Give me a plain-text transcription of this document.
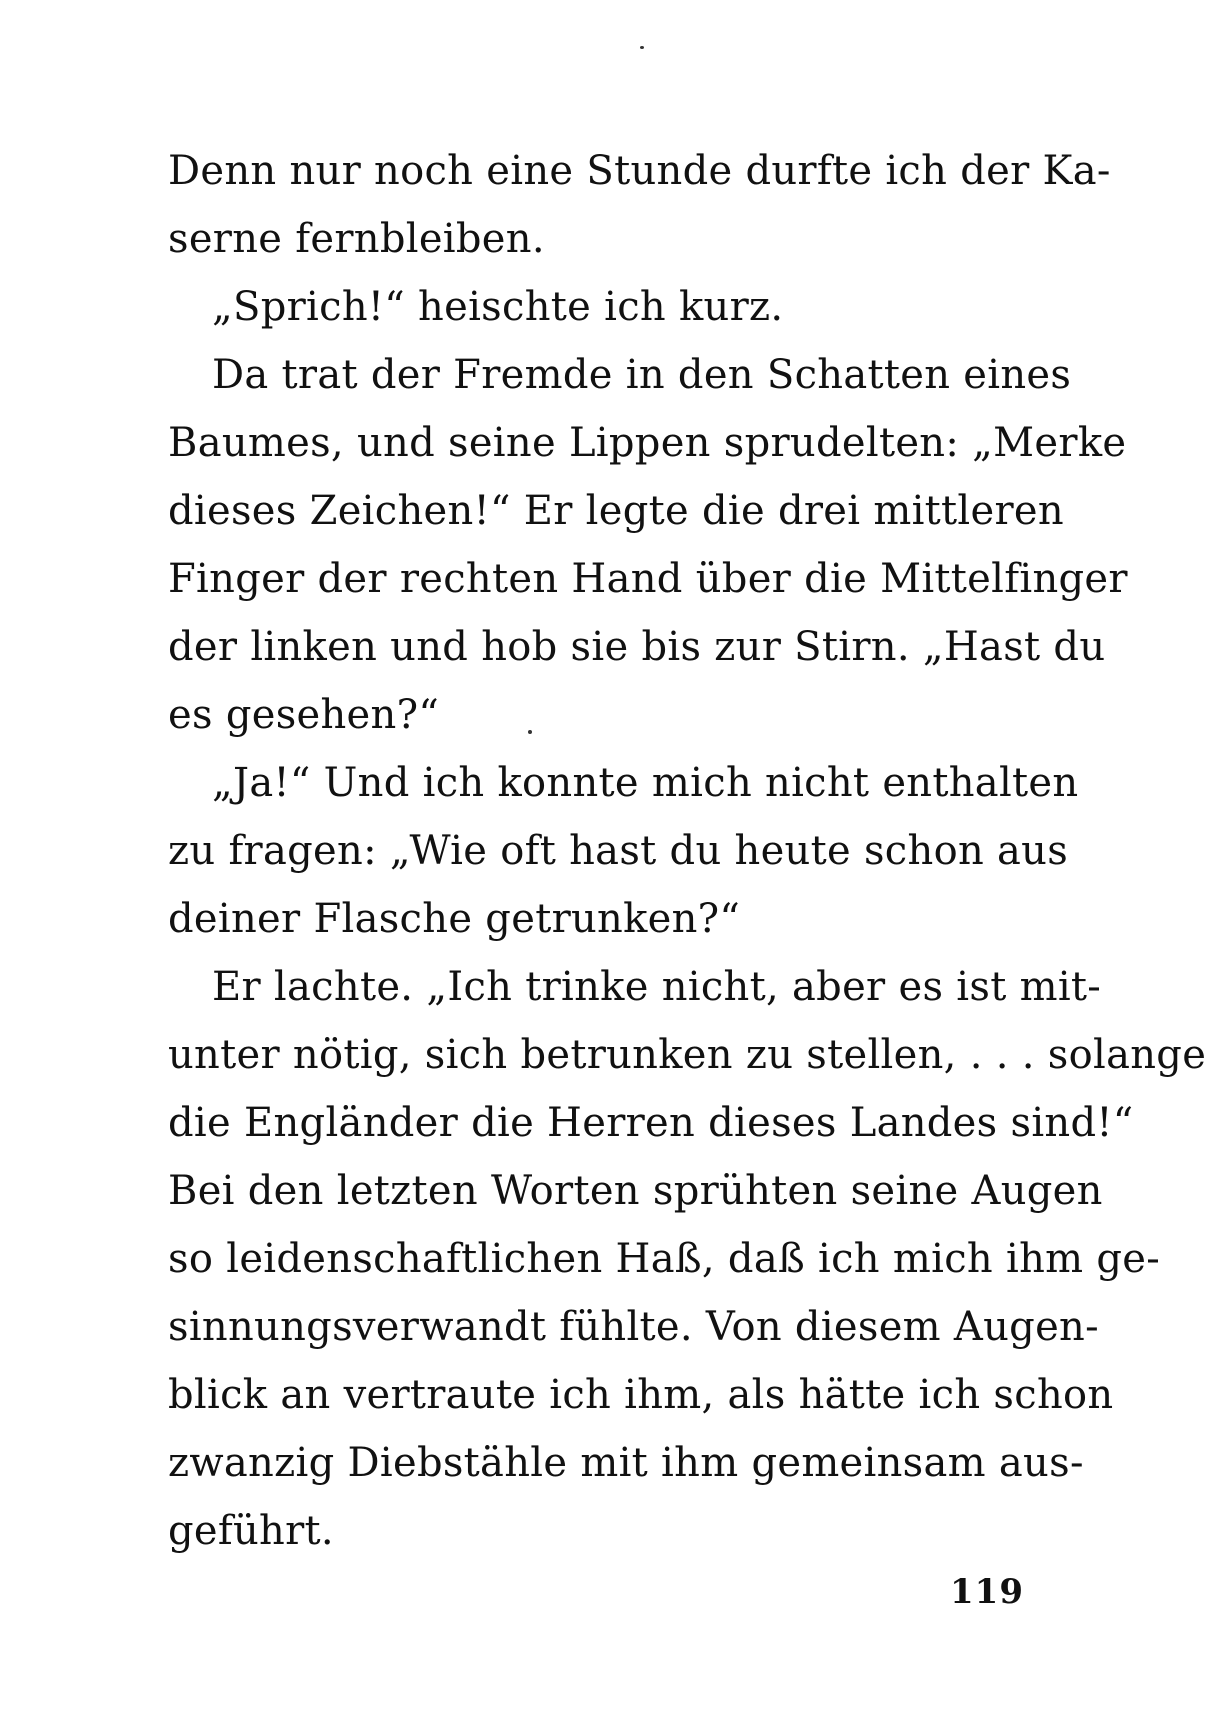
Denn nur noch eine Stunde durfte ich der Ka-
serne fernbleiben.
„Sprich!“ heischte ich kurz.
Da trat der Fremde in den Schatten eines
Baumes, und seine Lippen sprudelten: „Merke
dieses Zeichen!“ Er legte die drei mittleren
Finger der rechten Hand über die Mittelfinger
der linken und hob sie bis zur Stirn. „Hast du
es gesehen?“
„Ja!“ Und ich konnte mich nicht enthalten
zu fragen: „Wie oft hast du heute schon aus
deiner Flasche getrunken?“
Er lachte. „Ich trinke nicht, aber es ist mit-
unter nötig, sich betrunken zu stellen, . . . solange
die Engländer die Herren dieses Landes sind!“
Bei den letzten Worten sprühten seine Augen
so leidenschaftlichen Haß, daß ich mich ihm ge-
sinnungsverwandt fühlte. Von diesem Augen-
blick an vertraute ich ihm, als hätte ich schon
zwanzig Diebstähle mit ihm gemeinsam aus-
geführt.
119
